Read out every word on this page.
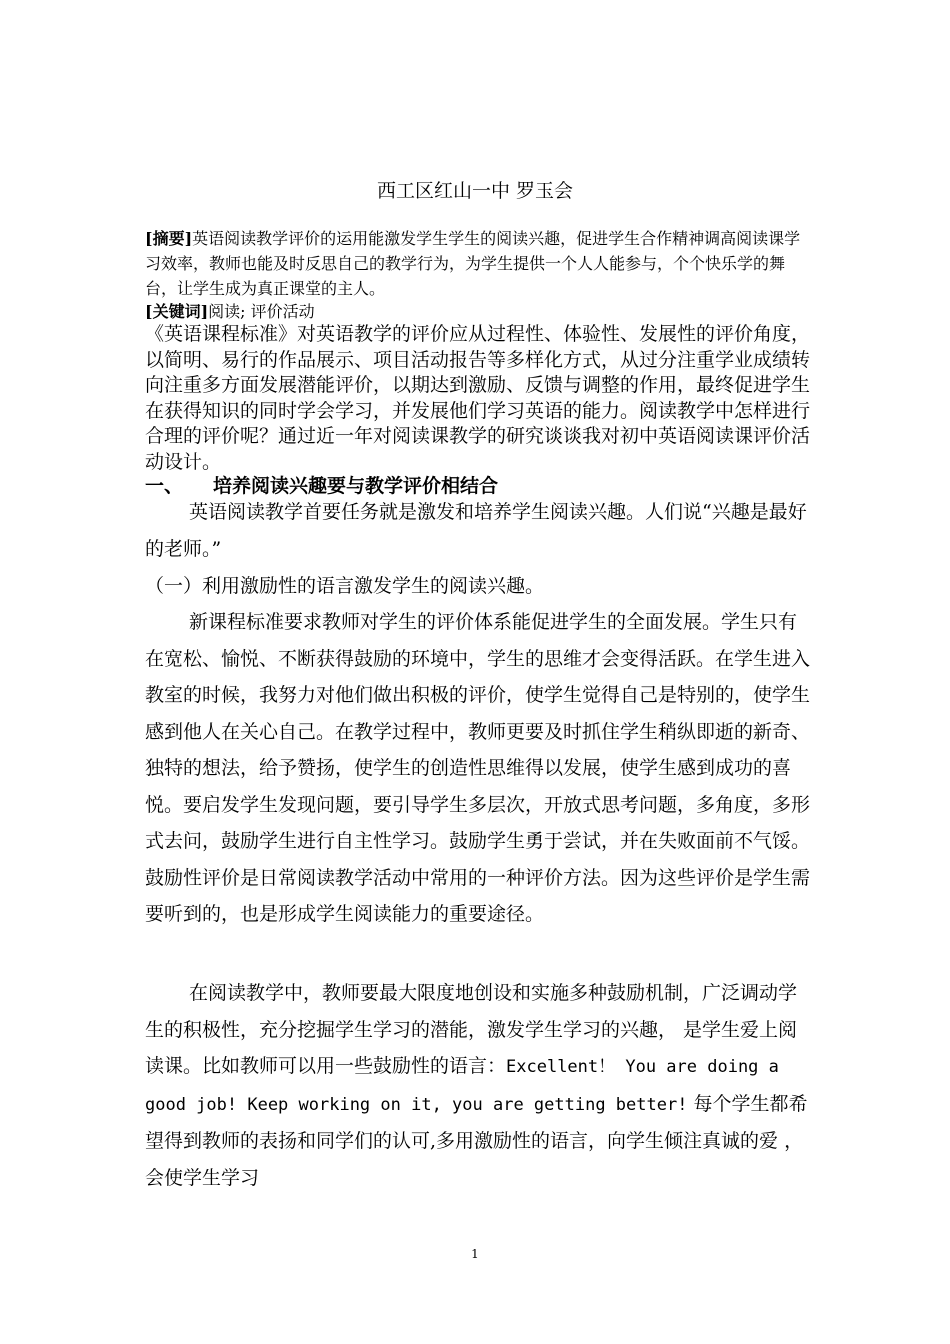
西工区红山一中 罗玉会
[摘要]英语阅读教学评价的运用能激发学生学生的阅读兴趣，促进学生合作精神调高阅读课学习效率，教师也能及时反思自己的教学行为，为学生提供一个人人能参与，个个快乐学的舞台，让学生成为真正课堂的主人。
[关键词]阅读; 评价活动
《英语课程标准》对英语教学的评价应从过程性、体验性、发展性的评价角度，以简明、易行的作品展示、项目活动报告等多样化方式，从过分注重学业成绩转向注重多方面发展潜能评价，以期达到激励、反馈与调整的作用，最终促进学生在获得知识的同时学会学习，并发展他们学习英语的能力。阅读教学中怎样进行合理的评价呢？通过近一年对阅读课教学的研究谈谈我对初中英语阅读课评价活动设计。
一、 培养阅读兴趣要与教学评价相结合
英语阅读教学首要任务就是激发和培养学生阅读兴趣。人们说“兴趣是最好的老师。”
（一）利用激励性的语言激发学生的阅读兴趣。
新课程标准要求教师对学生的评价体系能促进学生的全面发展。学生只有在宽松、愉悦、不断获得鼓励的环境中，学生的思维才会变得活跃。在学生进入教室的时候，我努力对他们做出积极的评价，使学生觉得自己是特别的，使学生感到他人在关心自己。在教学过程中，教师更要及时抓住学生稍纵即逝的新奇、独特的想法，给予赞扬，使学生的创造性思维得以发展，使学生感到成功的喜悦。要启发学生发现问题，要引导学生多层次，开放式思考问题，多角度，多形式去问，鼓励学生进行自主性学习。鼓励学生勇于尝试，并在失败面前不气馁。鼓励性评价是日常阅读教学活动中常用的一种评价方法。因为这些评价是学生需要听到的，也是形成学生阅读能力的重要途径。
在阅读教学中，教师要最大限度地创设和实施多种鼓励机制，广泛调动学生的积极性，充分挖掘学生学习的潜能，激发学生学习的兴趣， 是学生爱上阅读课。比如教师可以用一些鼓励性的语言：Excellent！ You are doing a good job! Keep working on it, you are getting better! 每个学生都希望得到教师的表扬和同学们的认可,多用激励性的语言，向学生倾注真诚的爱 ，会使学生学习
1
